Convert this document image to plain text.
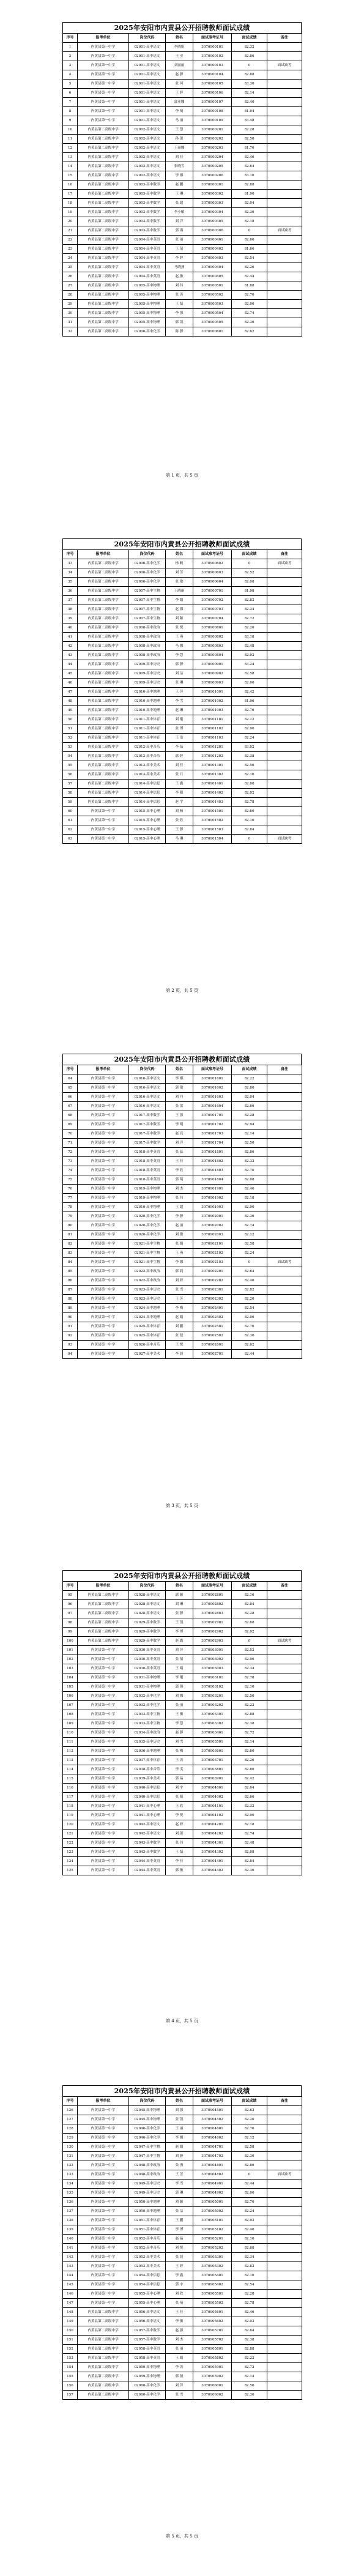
2025年安阳市内黄县公开招聘教师面试成绩
序号	报考单位	岗位代码	姓名	面试准考证号	面试成绩	备注
1	内黄县第一中学	02001-高中语文	李晓娟	3070900101	82.32	
2	内黄县第一中学	02001-高中语文	王 亚	3070900102	82.86	
3	内黄县第一中学	02001-高中语文	刘丽丽	3070900103	0	面试缺考
4	内黄县第一中学	02001-高中语文	赵 静	3070900104	82.88	
5	内黄县第一中学	02001-高中语文	张 珂	3070900105	83.30	
6	内黄县第一中学	02001-高中语文	王 婷	3070900106	82.14	
7	内黄县第一中学	02001-高中语文	郭亚娜	3070900107	82.40	
8	内黄县第一中学	02001-高中语文	李 萌	3070900108	81.94	
9	内黄县第一中学	02001-高中语文	马 丽	3070900109	83.48	
10	内黄县第二高级中学	02002-高中语文	王 慧	3070900201	82.28	
11	内黄县第二高级中学	02002-高中语文	孙 蕾	3070900202	82.50	
12	内黄县第二高级中学	02002-高中语文	王丽娜	3070900203	81.76	
13	内黄县第二高级中学	02002-高中语文	刘 佳	3070900204	82.46	
14	内黄县第二高级中学	02002-高中语文	张晓雪	3070900205	82.64	
15	内黄县第二高级中学	02002-高中语文	李 娜	3070900206	83.10	
16	内黄县第二高级中学	02003-高中数学	赵 鹏	3070900301	82.88	
17	内黄县第二高级中学	02003-高中数学	王 琳	3070900302	81.90	
18	内黄县第二高级中学	02003-高中数学	张 超	3070900303	82.04	
19	内黄县第二高级中学	02003-高中数学	李小敏	3070900304	82.36	
20	内黄县第二高级中学	02003-高中数学	刘 洋	3070900305	82.18	
21	内黄县第二高级中学	02003-高中数学	郭 燕	3070900306	0	面试缺考
22	内黄县第二高级中学	02004-高中英语	张 丽	3070900401	82.66	
23	内黄县第二高级中学	02004-高中英语	王 倩	3070900402	81.66	
24	内黄县第二高级中学	02004-高中英语	李 婷	3070900403	82.54	
25	内黄县第二高级中学	02004-高中英语	马晓燕	3070900404	82.26	
26	内黄县第二高级中学	02004-高中英语	赵 敏	3070900405	82.44	
27	内黄县第二高级中学	02005-高中物理	刘 伟	3070900501	81.88	
28	内黄县第二高级中学	02005-高中物理	张 涛	3070900502	82.70	
29	内黄县第二高级中学	02005-高中物理	王 磊	3070900503	82.06	
30	内黄县第二高级中学	02005-高中物理	李 强	3070900504	82.74	
31	内黄县第二高级中学	02005-高中物理	郭 凯	3070900505	82.30	
32	内黄县第二高级中学	02006-高中化学	陈 静	3070900601	82.62	
第 1 页，共 5 页
2025年安阳市内黄县公开招聘教师面试成绩
序号	报考单位	岗位代码	姓名	面试准考证号	面试成绩	备注
33	内黄县第二高级中学	02006-高中化学	杨 帆	3070900602	0	面试缺考
34	内黄县第二高级中学	02006-高中化学	刘 芳	3070900603	82.52	
35	内黄县第二高级中学	02006-高中化学	张 敏	3070900604	82.08	
36	内黄县第二高级中学	02007-高中生物	王晓丽	3070900701	81.98	
37	内黄县第二高级中学	02007-高中生物	李 娟	3070900702	82.82	
38	内黄县第二高级中学	02007-高中生物	赵 娜	3070900703	82.34	
39	内黄县第二高级中学	02007-高中生物	刘 颖	3070900704	82.72	
40	内黄县第二高级中学	02008-高中政治	张 悦	3070900801	82.20	
41	内黄县第二高级中学	02008-高中政治	王 燕	3070900802	83.18	
42	内黄县第二高级中学	02008-高中政治	马 娜	3070900803	82.48	
43	内黄县第二高级中学	02008-高中政治	李 慧	3070900804	82.92	
44	内黄县第二高级中学	02009-高中历史	郭 静	3070900901	83.24	
45	内黄县第二高级中学	02009-高中历史	刘 洁	3070900902	82.58	
46	内黄县第二高级中学	02009-高中历史	张 琳	3070900903	82.00	
47	内黄县第二高级中学	02010-高中地理	王 萍	3070901001	82.42	
48	内黄县第二高级中学	02010-高中地理	李 雪	3070901002	81.96	
49	内黄县第二高级中学	02010-高中地理	赵 琳	3070901003	82.76	
50	内黄县第二高级中学	02011-高中体育	刘 刚	3070901101	82.12	
51	内黄县第二高级中学	02011-高中体育	张 博	3070901102	82.90	
52	内黄县第二高级中学	02011-高中体育	王 浩	3070901103	82.24	
53	内黄县第二高级中学	02012-高中音乐	李 晶	3070901201	83.02	
54	内黄县第二高级中学	02012-高中音乐	郭 婷	3070901202	82.38	
55	内黄县第二高级中学	02013-高中美术	刘 佳	3070901301	82.56	
56	内黄县第二高级中学	02013-高中美术	张 月	3070901302	82.16	
57	内黄县第二高级中学	02014-高中信息	王 鑫	3070901401	82.68	
58	内黄县第二高级中学	02014-高中信息	李 阳	3070901402	82.02	
59	内黄县第二高级中学	02014-高中信息	赵 宇	3070901403	82.78	
60	内黄县第一中学	02015-高中心理	刘 畅	3070901501	82.60	
61	内黄县第一中学	02015-高中心理	张 欣	3070901502	82.10	
62	内黄县第一中学	02015-高中心理	王 静	3070901503	82.84	
63	内黄县第一中学	02015-高中心理	马 琳	3070901504	0	面试缺考
第 2 页，共 5 页
2025年安阳市内黄县公开招聘教师面试成绩
序号	报考单位	岗位代码	姓名	面试准考证号	面试成绩	备注
64	内黄县第一中学	02016-高中语文	李 娜	3070901601	82.22	
65	内黄县第一中学	02016-高中语文	郭 敏	3070901602	82.80	
66	内黄县第一中学	02016-高中语文	刘 丹	3070901603	82.04	
67	内黄县第一中学	02016-高中语文	张 蕾	3070901604	82.66	
68	内黄县第一中学	02017-高中数学	王 强	3070901701	82.28	
69	内黄县第一中学	02017-高中数学	李 明	3070901702	82.94	
70	内黄县第一中学	02017-高中数学	赵 亮	3070901703	82.14	
71	内黄县第一中学	02017-高中数学	刘 洋	3070901704	82.50	
72	内黄县第一中学	02018-高中英语	张 蕊	3070901801	82.86	
73	内黄县第一中学	02018-高中英语	王 佳	3070901802	82.32	
74	内黄县第一中学	02018-高中英语	李 欣	3070901803	82.70	
75	内黄县第一中学	02018-高中英语	郭 萌	3070901804	82.08	
76	内黄县第一中学	02019-高中物理	刘 杰	3070901901	82.46	
77	内黄县第一中学	02019-高中物理	张 伟	3070901902	82.18	
78	内黄县第一中学	02019-高中物理	王 超	3070901903	82.90	
79	内黄县第一中学	02020-高中化学	李 静	3070902001	82.36	
80	内黄县第一中学	02020-高中化学	赵 丽	3070902002	82.74	
81	内黄县第一中学	02020-高中化学	刘 敏	3070902003	82.12	
82	内黄县第一中学	02021-高中生物	张 娟	3070902101	82.58	
83	内黄县第一中学	02021-高中生物	王 燕	3070902102	82.24	
84	内黄县第一中学	02021-高中生物	李 娜	3070902103	0	面试缺考
85	内黄县第一中学	02022-高中政治	郭 莉	3070902201	82.64	
86	内黄县第一中学	02022-高中政治	刘 婷	3070902202	82.40	
87	内黄县第一中学	02023-高中历史	张 雪	3070902301	82.82	
88	内黄县第一中学	02023-高中历史	王 芳	3070902302	82.20	
89	内黄县第一中学	02024-高中地理	李 梅	3070902401	82.54	
90	内黄县第一中学	02024-高中地理	赵 娟	3070902402	82.06	
91	内黄县第一中学	02025-高中体育	刘 鹏	3070902501	82.76	
92	内黄县第一中学	02025-高中体育	张 磊	3070902502	82.30	
93	内黄县第一中学	02026-高中音乐	王 悦	3070902601	82.62	
94	内黄县第一中学	02027-高中美术	李 晨	3070902701	82.44	
第 3 页，共 5 页
2025年安阳市内黄县公开招聘教师面试成绩
序号	报考单位	岗位代码	姓名	面试准考证号	面试成绩	备注
95	内黄县第二高级中学	02028-高中语文	郭 颖	3070902801	82.16	
96	内黄县第二高级中学	02028-高中语文	刘 琳	3070902802	82.84	
97	内黄县第二高级中学	02028-高中语文	张 静	3070902803	82.28	
98	内黄县第二高级中学	02029-高中数学	王 凯	3070902901	82.68	
99	内黄县第二高级中学	02029-高中数学	李 博	3070902902	82.02	
100	内黄县第二高级中学	02029-高中数学	赵 鑫	3070902903	0	面试缺考
101	内黄县第一中学	02030-高中英语	刘 萍	3070903001	82.52	
102	内黄县第一中学	02030-高中英语	张 倩	3070903002	82.96	
103	内黄县第一中学	02030-高中英语	王 娟	3070903003	82.34	
104	内黄县第一中学	02031-高中物理	李 刚	3070903101	82.78	
105	内黄县第一中学	02031-高中物理	郭 强	3070903102	82.10	
106	内黄县第一中学	02032-高中化学	刘 娜	3070903201	82.56	
107	内黄县第一中学	02032-高中化学	张 丽	3070903202	82.22	
108	内黄县第一中学	02033-高中生物	王 敏	3070903301	82.88	
109	内黄县第一中学	02033-高中生物	李 慧	3070903302	82.38	
110	内黄县第一中学	02034-高中政治	赵 静	3070903401	82.72	
111	内黄县第一中学	02035-高中历史	刘 雪	3070903501	82.14	
112	内黄县第一中学	02036-高中地理	张 梅	3070903601	82.60	
113	内黄县第一中学	02037-高中体育	王 涛	3070903701	82.26	
114	内黄县第一中学	02038-高中音乐	李 雯	3070903801	82.80	
115	内黄县第一中学	02039-高中美术	郭 晶	3070903901	82.42	
116	内黄县第一中学	02040-高中信息	刘 宇	3070904001	82.04	
117	内黄县第一中学	02040-高中信息	张 阳	3070904002	82.66	
118	内黄县第一中学	02041-高中心理	王 欣	3070904101	82.32	
119	内黄县第一中学	02041-高中心理	李 悦	3070904102	82.90	
120	内黄县第一中学	02042-高中语文	赵 婷	3070904201	82.18	
121	内黄县第一中学	02042-高中语文	刘 蕾	3070904202	82.74	
122	内黄县第一中学	02043-高中数学	张 伟	3070904301	82.48	
123	内黄县第一中学	02043-高中数学	王 磊	3070904302	82.08	
124	内黄县第一中学	02044-高中英语	李 佳	3070904401	82.84	
125	内黄县第一中学	02044-高中英语	郭 敏	3070904402	82.36	
第 4 页，共 5 页
2025年安阳市内黄县公开招聘教师面试成绩
序号	报考单位	岗位代码	姓名	面试准考证号	面试成绩	备注
126	内黄县第一中学	02045-高中物理	刘 强	3070904501	82.62	
127	内黄县第一中学	02045-高中物理	张 凯	3070904502	82.20	
128	内黄县第一中学	02046-高中化学	王 丽	3070904601	82.76	
129	内黄县第一中学	02046-高中化学	李 娜	3070904602	82.12	
130	内黄县第一中学	02047-高中生物	赵 娟	3070904701	82.58	
131	内黄县第一中学	02047-高中生物	刘 静	3070904702	82.30	
132	内黄县第一中学	02048-高中政治	张 燕	3070904801	82.86	
133	内黄县第一中学	02048-高中政治	王 芳	3070904802	0	面试缺考
134	内黄县第一中学	02049-高中历史	李 雪	3070904901	82.44	
135	内黄县第一中学	02049-高中历史	郭 琳	3070904902	82.06	
136	内黄县第一中学	02050-高中地理	刘 颖	3070905001	82.70	
137	内黄县第一中学	02050-高中地理	张 洁	3070905002	82.24	
138	内黄县第一中学	02051-高中体育	王 鹏	3070905101	82.92	
139	内黄县第一中学	02051-高中体育	李 博	3070905102	82.40	
140	内黄县第一中学	02052-高中音乐	赵 晶	3070905201	82.16	
141	内黄县第一中学	02052-高中音乐	刘 悦	3070905202	82.68	
142	内黄县第一中学	02053-高中美术	张 晨	3070905301	82.34	
143	内黄县第一中学	02053-高中美术	王 婷	3070905302	82.82	
144	内黄县第一中学	02054-高中信息	李 鑫	3070905401	82.10	
145	内黄县第一中学	02054-高中信息	郭 宇	3070905402	82.54	
146	内黄县第一中学	02055-高中心理	刘 欣	3070905501	82.28	
147	内黄县第一中学	02055-高中心理	张 萌	3070905502	82.78	
148	内黄县第二高级中学	02056-高中语文	王 佳	3070905601	82.46	
149	内黄县第二高级中学	02056-高中语文	李 敏	3070905602	82.02	
150	内黄县第二高级中学	02057-高中数学	赵 强	3070905701	82.64	
151	内黄县第二高级中学	02057-高中数学	刘 杰	3070905702	82.38	
152	内黄县第二高级中学	02058-高中英语	张 丽	3070905801	82.88	
153	内黄县第二高级中学	02058-高中英语	王 娟	3070905802	82.22	
154	内黄县第二高级中学	02059-高中物理	李 涛	3070905901	82.72	
155	内黄县第二高级中学	02059-高中物理	郭 磊	3070905902	82.14	
156	内黄县第二高级中学	02060-高中化学	刘 萍	3070906001	82.56	
157	内黄县第二高级中学	02060-高中化学	张 雪	3070906002	82.30	
第 5 页，共 5 页
